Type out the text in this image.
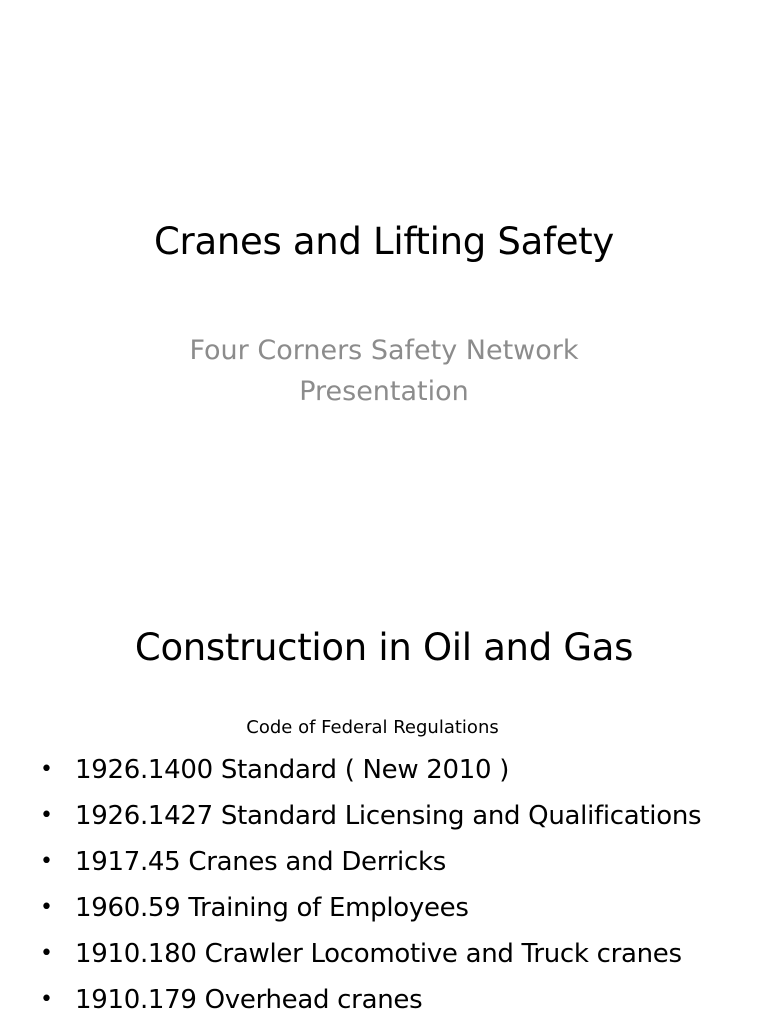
Cranes and Lifting Safety
Four Corners Safety Network
Presentation
Construction in Oil and Gas
Code of Federal Regulations
• 1926.1400 Standard ( New 2010 )
• 1926.1427 Standard Licensing and Qualifications
• 1917.45 Cranes and Derricks
• 1960.59 Training of Employees
• 1910.180 Crawler Locomotive and Truck cranes
• 1910.179 Overhead cranes
